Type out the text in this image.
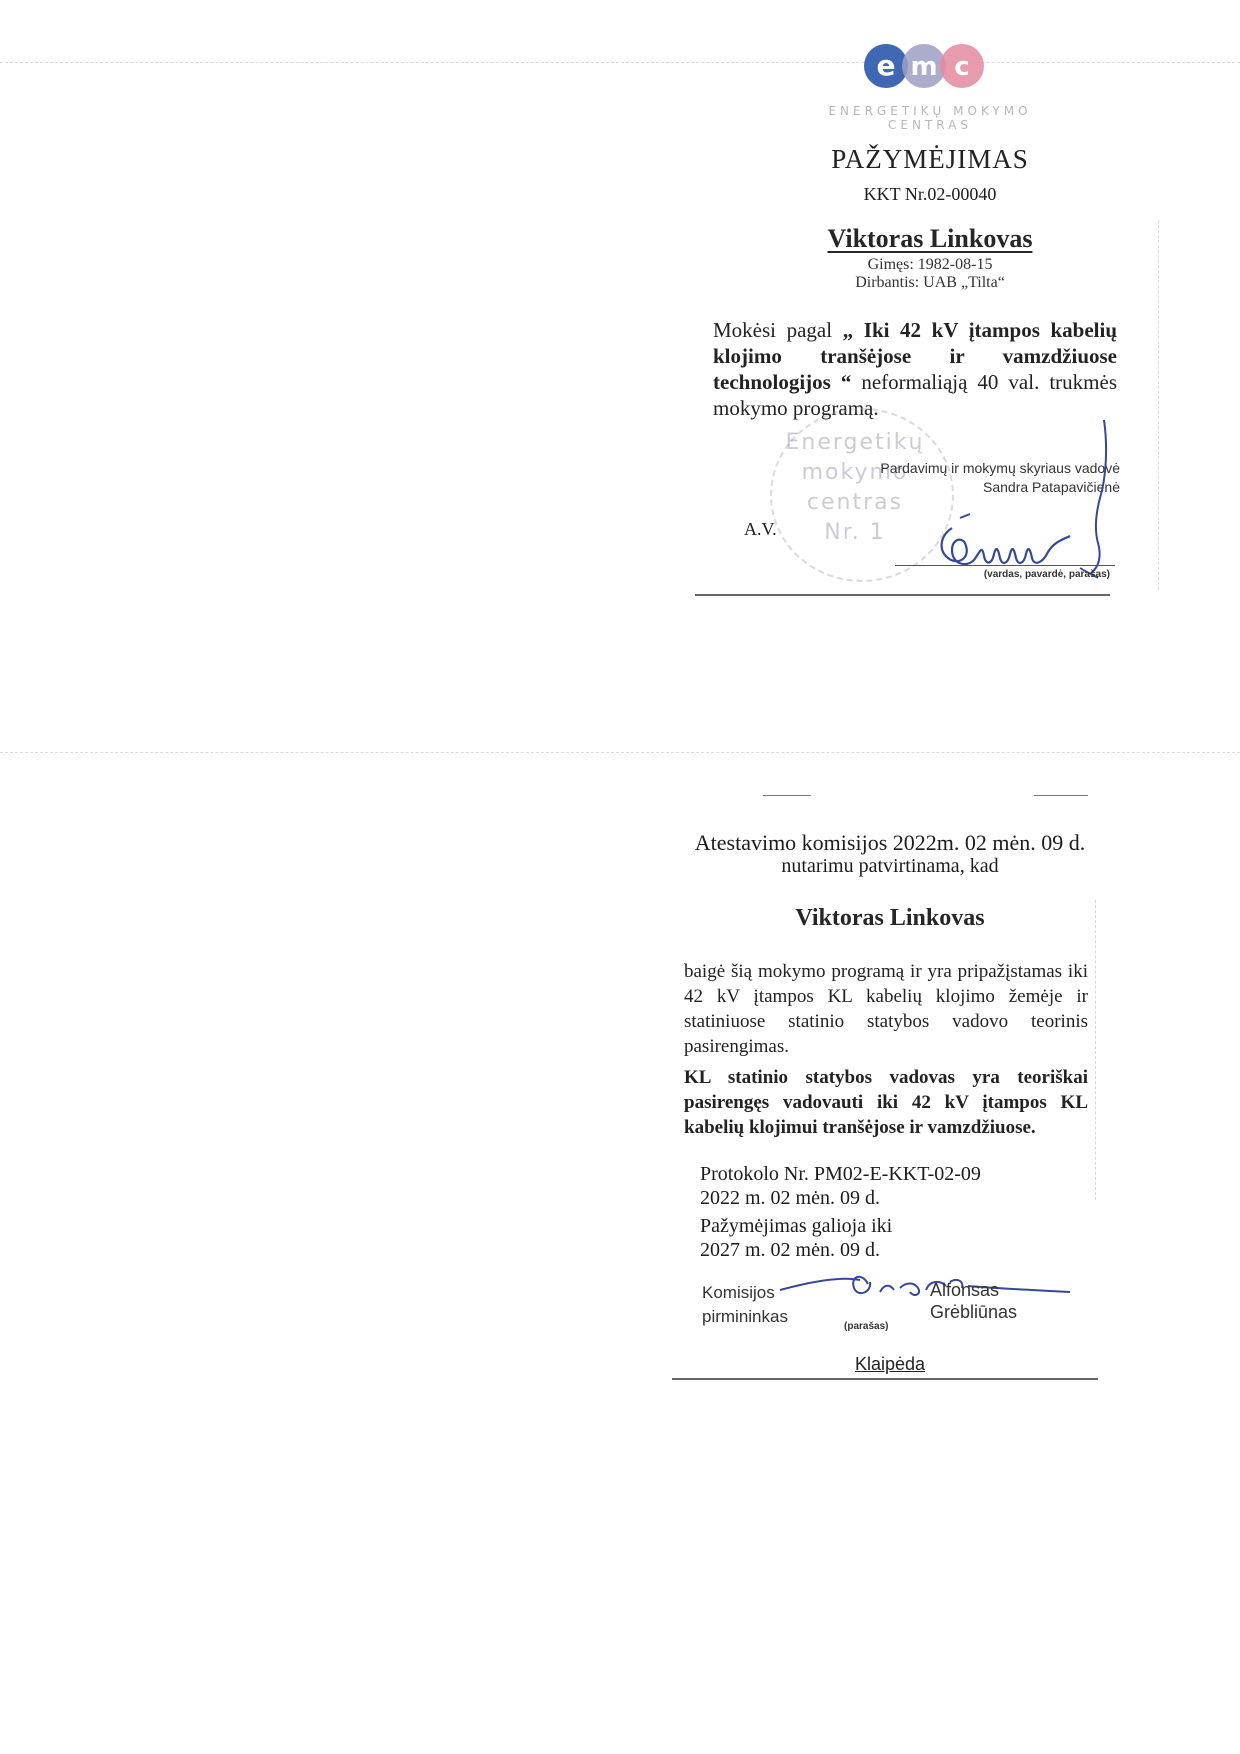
e m c
ENERGETIKŲ MOKYMO CENTRAS
PAŽYMĖJIMAS
KKT Nr.02-00040
Viktoras Linkovas
Gimęs: 1982-08-15
Dirbantis: UAB „Tilta“
Mokėsi pagal „ Iki 42 kV įtampos kabelių klojimo tranšėjose ir vamzdžiuose technologijos “ neformaliąją 40 val. trukmės mokymo programą.
Energetikų
mokymo
centras
Nr. 1
Pardavimų ir mokymų skyriaus vadovė
Sandra Patapavičienė
A.V.
(vardas, pavardė, parašas)
Atestavimo komisijos 2022m. 02 mėn. 09 d.
nutarimu patvirtinama, kad
Viktoras Linkovas
baigė šią mokymo programą ir yra pripažįstamas iki 42 kV įtampos KL kabelių klojimo žemėje ir statiniuose statinio statybos vadovo teorinis pasirengimas.
KL statinio statybos vadovas yra teoriškai pasirengęs vadovauti iki 42 kV įtampos KL kabelių klojimui tranšėjose ir vamzdžiuose.
Protokolo Nr. PM02-E-KKT-02-09
2022 m. 02 mėn. 09 d.
Pažymėjimas galioja iki
2027 m. 02 mėn. 09 d.
Komisijos
pirmininkas
Alfonsas
Grėbliūnas
(parašas)
Klaipėda
